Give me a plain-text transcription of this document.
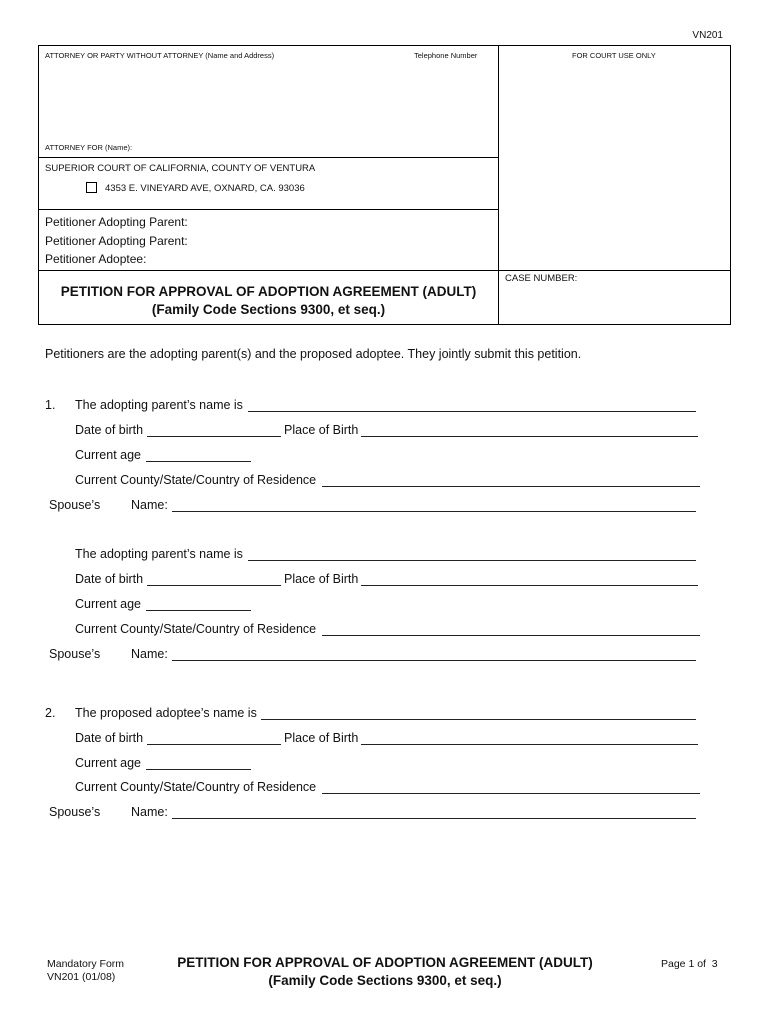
VN201
ATTORNEY OR PARTY WITHOUT ATTORNEY (Name and Address)	Telephone Number	FOR COURT USE ONLY
ATTORNEY FOR (Name):
SUPERIOR COURT OF CALIFORNIA, COUNTY OF VENTURA
4353 E. VINEYARD AVE, OXNARD, CA. 93036
Petitioner Adopting Parent:
Petitioner Adopting Parent:
Petitioner Adoptee:
CASE NUMBER:
PETITION FOR APPROVAL OF ADOPTION AGREEMENT (ADULT)
(Family Code Sections 9300, et seq.)
Petitioners are the adopting parent(s) and the proposed adoptee. They jointly submit this petition.
1. The adopting parent’s name is
Date of birth	Place of Birth
Current age
Current County/State/Country of Residence
Spouse’s Name:
The adopting parent’s name is
Date of birth	Place of Birth
Current age
Current County/State/Country of Residence
Spouse’s Name:
2. The proposed adoptee’s name is
Date of birth	Place of Birth
Current age
Current County/State/Country of Residence
Spouse’s Name:
Mandatory Form
VN201 (01/08)
PETITION FOR APPROVAL OF ADOPTION AGREEMENT (ADULT)
(Family Code Sections 9300, et seq.)
Page 1 of  3
